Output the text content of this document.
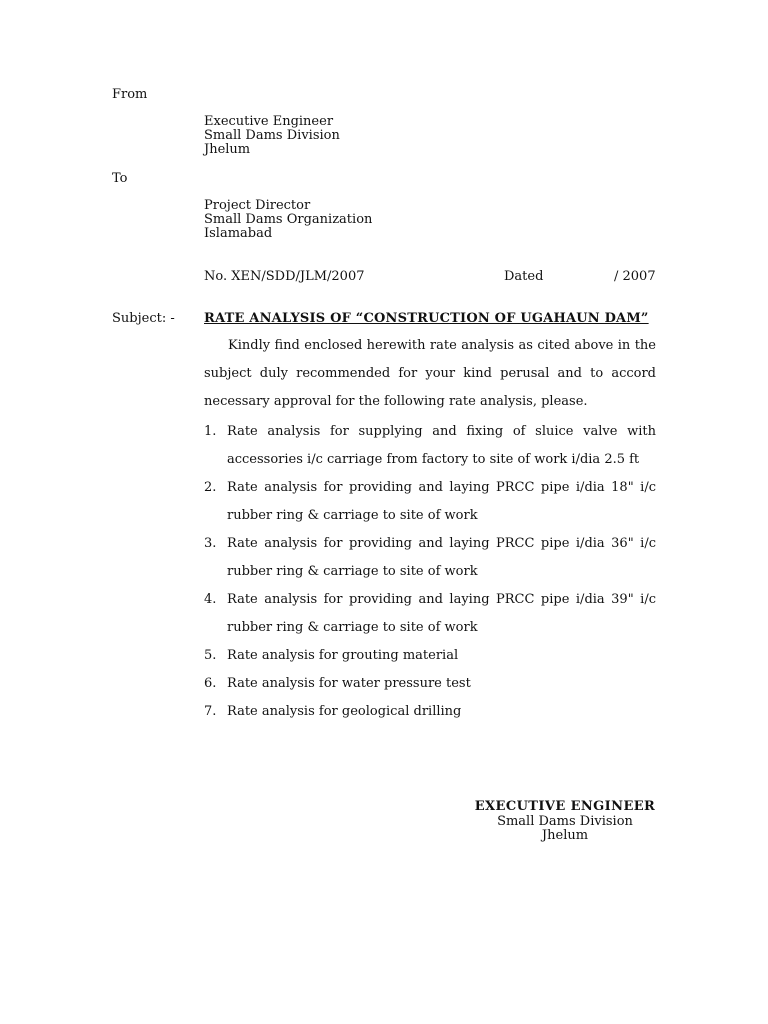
From
Executive Engineer
Small Dams Division
Jhelum
To
Project Director
Small Dams Organization
Islamabad
No. XEN/SDD/JLM/2007	Dated	/ 2007
Subject: - RATE ANALYSIS OF “CONSTRUCTION OF UGAHAUN DAM”
Kindly find enclosed herewith rate analysis as cited above in the subject duly recommended for your kind perusal and to accord necessary approval for the following rate analysis, please.
1. Rate analysis for supplying and fixing of sluice valve with accessories i/c carriage from factory to site of work i/dia 2.5 ft
2. Rate analysis for providing and laying PRCC pipe i/dia 18" i/c rubber ring & carriage to site of work
3. Rate analysis for providing and laying PRCC pipe i/dia 36" i/c rubber ring & carriage to site of work
4. Rate analysis for providing and laying PRCC pipe i/dia 39" i/c rubber ring & carriage to site of work
5. Rate analysis for grouting material
6. Rate analysis for water pressure test
7. Rate analysis for geological drilling
EXECUTIVE ENGINEER
Small Dams Division
Jhelum
